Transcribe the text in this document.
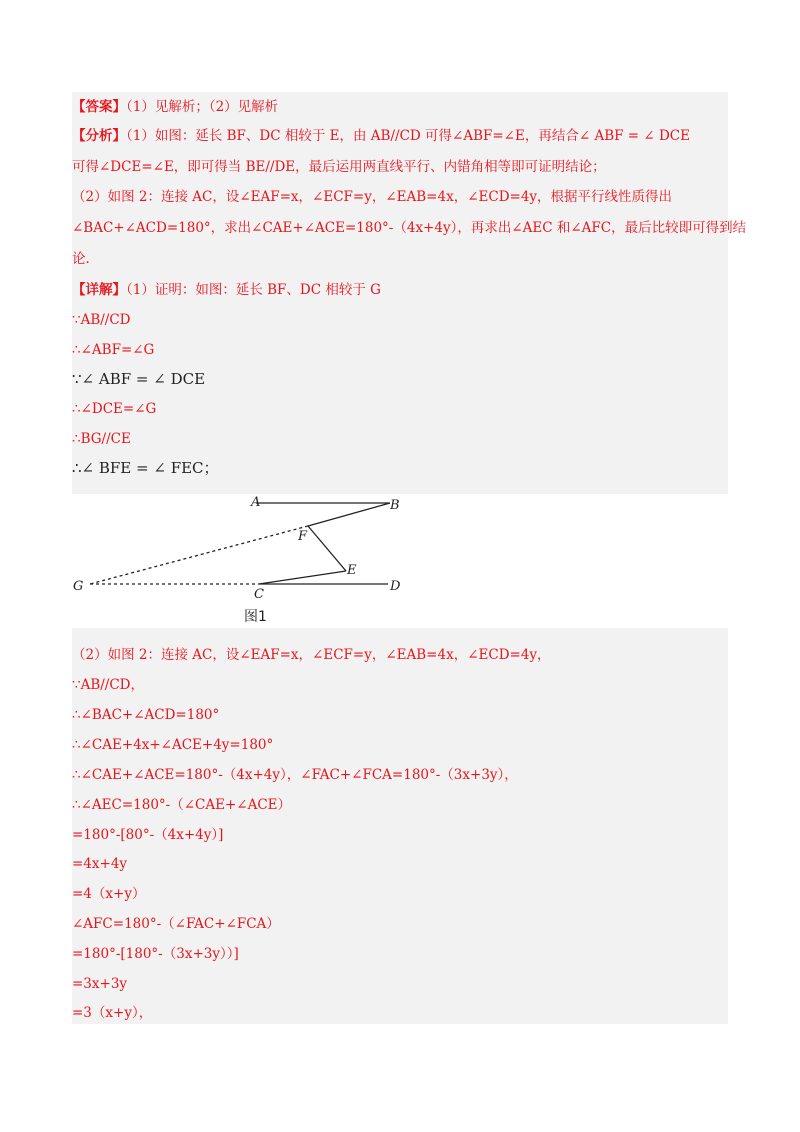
【答案】（1）见解析；（2）见解析
【分析】（1）如图：延长 BF、DC 相较于 E，由 AB//CD 可得∠ABF=∠E，再结合∠ ABF = ∠ DCE
可得∠DCE=∠E，即可得当 BE//DE，最后运用两直线平行、内错角相等即可证明结论；
（2）如图 2：连接 AC，设∠EAF=x，∠ECF=y，∠EAB=4x，∠ECD=4y，根据平行线性质得出
∠BAC+∠ACD=180°，求出∠CAE+∠ACE=180°-（4x+4y），再求出∠AEC 和∠AFC，最后比较即可得到结
论.
【详解】（1）证明：如图：延长 BF、DC 相较于 G
∵AB//CD
∴∠ABF=∠G
∵∠ ABF = ∠ DCE
∴∠DCE=∠G
∴BG//CE
∴∠ BFE = ∠ FEC；
A	B
F
E
G
C
D
图1
（2）如图 2：连接 AC，设∠EAF=x，∠ECF=y，∠EAB=4x，∠ECD=4y，
∵AB//CD，
∴∠BAC+∠ACD=180°
∴∠CAE+4x+∠ACE+4y=180°
∴∠CAE+∠ACE=180°-（4x+4y），∠FAC+∠FCA=180°-（3x+3y），
∴∠AEC=180°-（∠CAE+∠ACE）
=180°-[80°-（4x+4y）]
=4x+4y
=4（x+y）
∠AFC=180°-（∠FAC+∠FCA）
=180°-[180°-（3x+3y））]
=3x+3y
=3（x+y），
